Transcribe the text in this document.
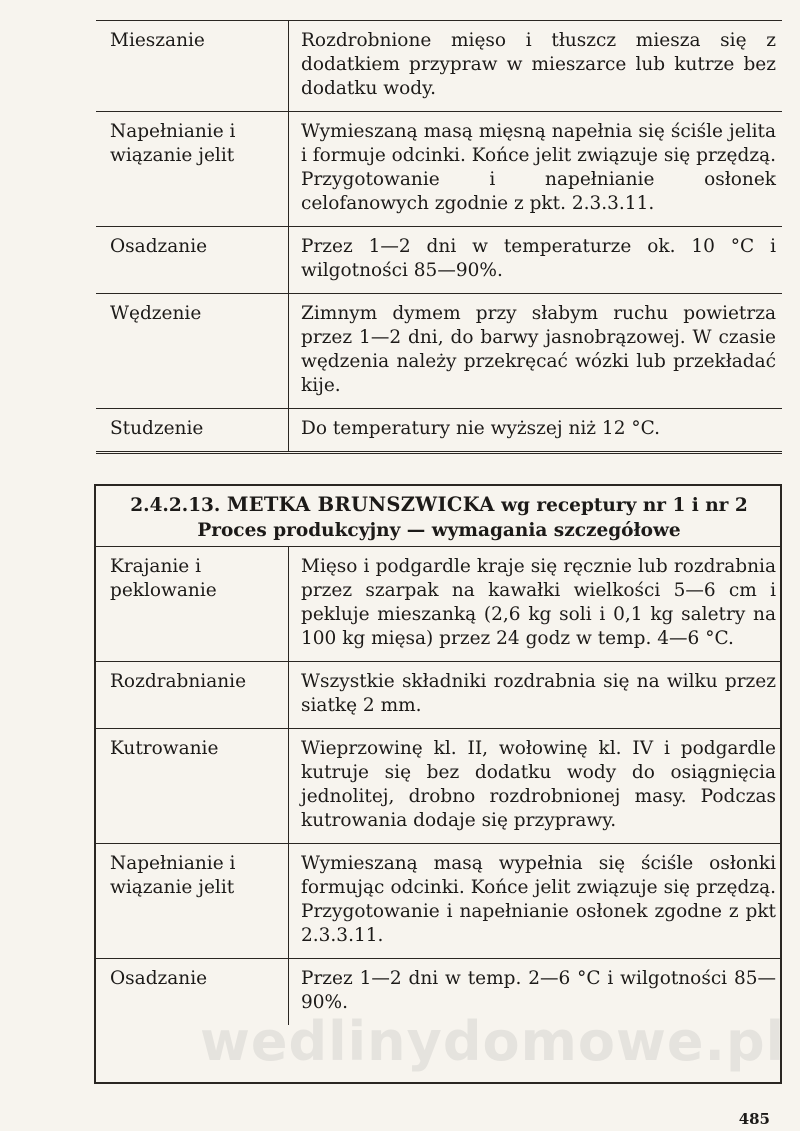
Mieszanie	Rozdrobnione mięso i tłuszcz miesza się z dodatkiem przypraw w mieszarce lub kutrze bez dodatku wody.
Napełnianie i wiązanie jelit	Wymieszaną masą mięsną napełnia się ściśle jelita i formuje odcinki. Końce jelit związuje się przędzą. Przygotowanie i napełnianie osłonek celofanowych zgodnie z pkt. 2.3.3.11.
Osadzanie	Przez 1—2 dni w temperaturze ok. 10 °C i wilgotności 85—90%.
Wędzenie	Zimnym dymem przy słabym ruchu powietrza przez 1—2 dni, do barwy jasnobrązowej. W czasie wędzenia należy przekręcać wózki lub przekładać kije.
Studzenie	Do temperatury nie wyższej niż 12 °C.
2.4.2.13. METKA BRUNSZWICKA wg receptury nr 1 i nr 2
Proces produkcyjny — wymagania szczegółowe
Krajanie i peklowanie	Mięso i podgardle kraje się ręcznie lub rozdrabnia przez szarpak na kawałki wielkości 5—6 cm i pekluje mieszanką (2,6 kg soli i 0,1 kg saletry na 100 kg mięsa) przez 24 godz w temp. 4—6 °C.
Rozdrabnianie	Wszystkie składniki rozdrabnia się na wilku przez siatkę 2 mm.
Kutrowanie	Wieprzowinę kl. II, wołowinę kl. IV i podgardle kutruje się bez dodatku wody do osiągnięcia jednolitej, drobno rozdrobnionej masy. Podczas kutrowania dodaje się przyprawy.
Napełnianie i wiązanie jelit	Wymieszaną masą wypełnia się ściśle osłonki formując odcinki. Końce jelit związuje się przędzą. Przygotowanie i napełnianie osłonek zgodne z pkt 2.3.3.11.
Osadzanie	Przez 1—2 dni w temp. 2—6 °C i wilgotności 85—90%.
wedlinydomowe.pl
485
